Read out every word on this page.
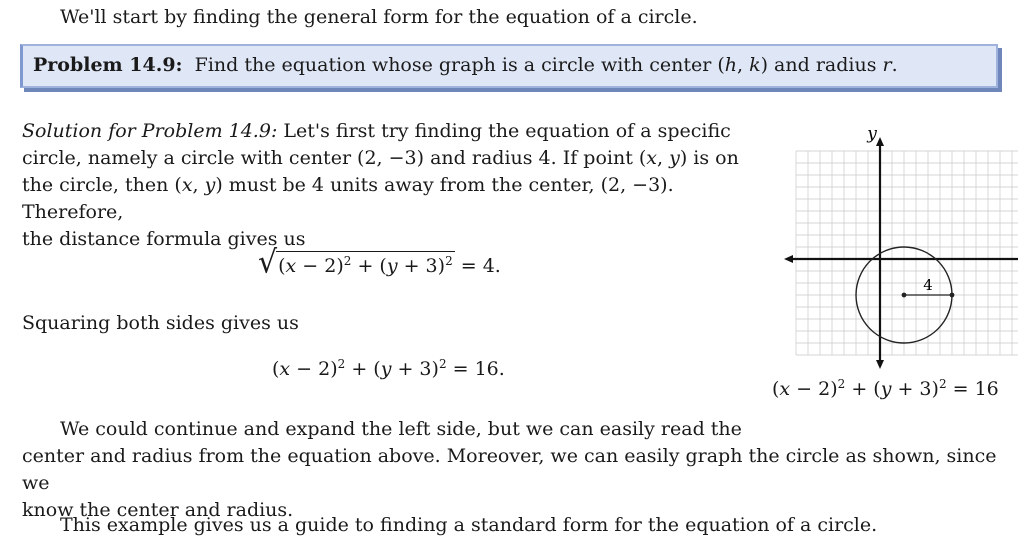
We'll start by finding the general form for the equation of a circle.
Problem 14.9: Find the equation whose graph is a circle with center (h, k) and radius r.
Solution for Problem 14.9: Let's first try finding the equation of a specific
circle, namely a circle with center (2, −3) and radius 4. If point (x, y) is on
the circle, then (x, y) must be 4 units away from the center, (2, −3). Therefore,
the distance formula gives us
√ $(x - 2)^2 + (y + 3)^2 = 4$.
Squaring both sides gives us
$(x - 2)^2 + (y + 3)^2 = 16$.
We could continue and expand the left side, but we can easily read the
center and radius from the equation above. Moreover, we can easily graph the circle as shown, since we
know the center and radius.
This example gives us a guide to finding a standard form for the equation of a circle.
4
y
$(x - 2)^2 + (y + 3)^2 = 16$
